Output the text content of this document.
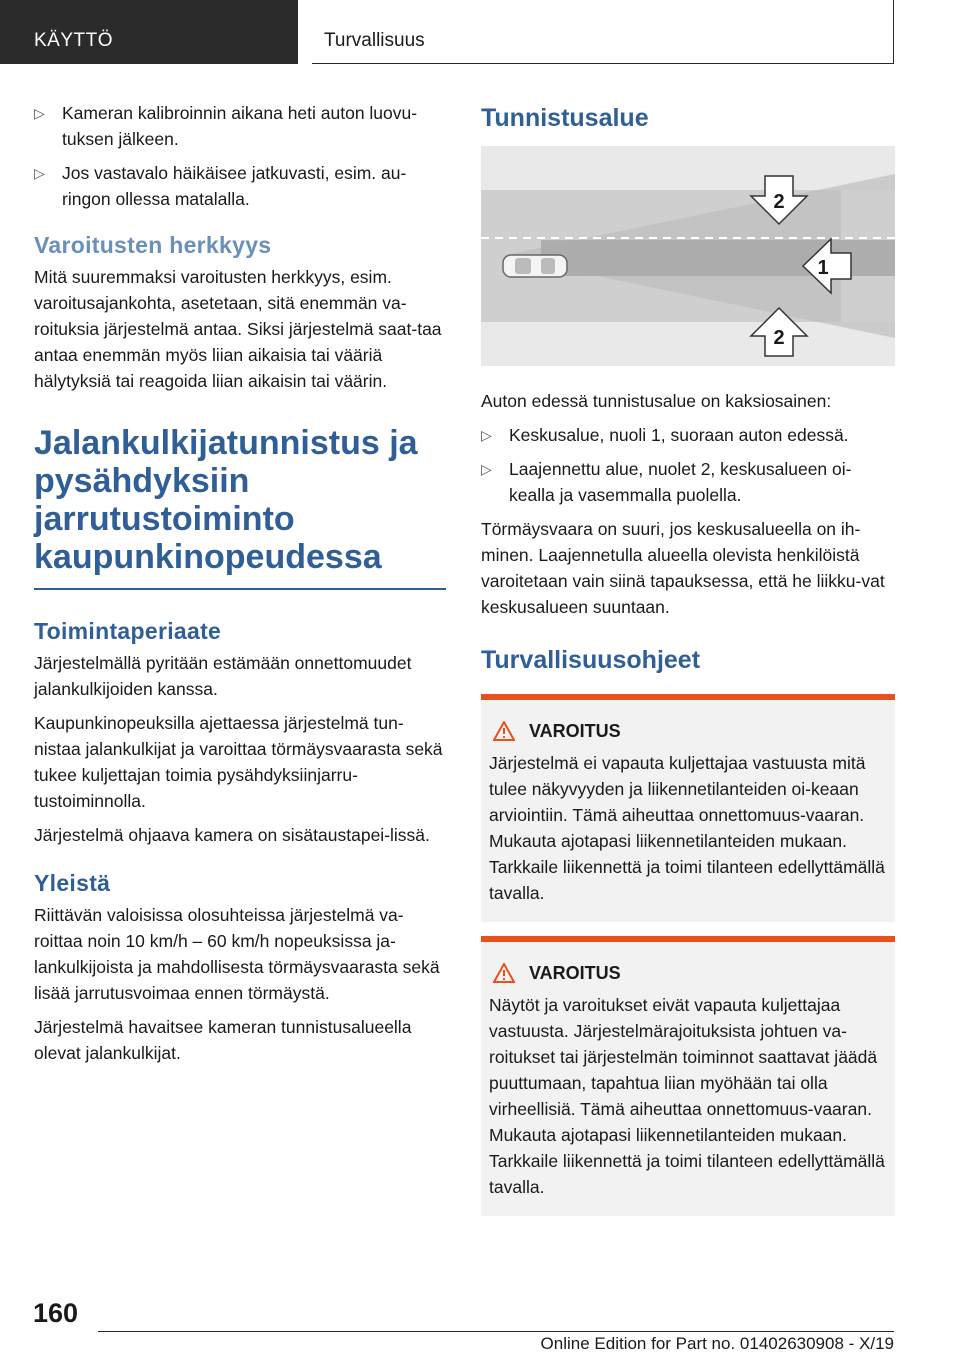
KÄYTTÖ	Turvallisuus
▷ Kameran kalibroinnin aikana heti auton luovu-tuksen jälkeen.
▷ Jos vastavalo häikäisee jatkuvasti, esim. au-ringon ollessa matalalla.
Varoitusten herkkyys

Mitä suuremmaksi varoitusten herkkyys, esim. varoitusajankohta, asetetaan, sitä enemmän va-roituksia järjestelmä antaa. Siksi järjestelmä saat-taa antaa enemmän myös liian aikaisia tai vääriä hälytyksiä tai reagoida liian aikaisin tai väärin.

Jalankulkijatunnistus ja pysähdyksiin jarrutustoiminto kaupunkinopeudessa
Toimintaperiaate

Järjestelmällä pyritään estämään onnettomuudet jalankulkijoiden kanssa.

Kaupunkinopeuksilla ajettaessa järjestelmä tun-nistaa jalankulkijat ja varoittaa törmäysvaarasta sekä tukee kuljettajan toimia pysähdyksiinjarru-tustoiminnolla.

Järjestelmä ohjaava kamera on sisätaustapei-lissä.

Yleistä

Riittävän valoisissa olosuhteissa järjestelmä va-roittaa noin 10 km/h – 60 km/h nopeuksissa ja-lankulkijoista ja mahdollisesta törmäysvaarasta sekä lisää jarrutusvoimaa ennen törmäystä.

Järjestelmä havaitsee kameran tunnistusalueella olevat jalankulkijat.

Tunnistusalue
1
2
2

Auton edessä tunnistusalue on kaksiosainen:

▷ Keskusalue, nuoli 1, suoraan auton edessä.
▷ Laajennettu alue, nuolet 2, keskusalueen oi-kealla ja vasemmalla puolella.

Törmäysvaara on suuri, jos keskusalueella on ih-minen. Laajennetulla alueella olevista henkilöistä varoitetaan vain siinä tapauksessa, että he liikku-vat keskusalueen suuntaan.

Turvallisuusohjeet
VAROITUS
Järjestelmä ei vapauta kuljettajaa vastuusta mitä tulee näkyvyyden ja liikennetilanteiden oi-keaan arviointiin. Tämä aiheuttaa onnettomuus-vaaran. Mukauta ajotapasi liikennetilanteiden mukaan. Tarkkaile liikennettä ja toimi tilanteen edellyttämällä tavalla.
VAROITUS
Näytöt ja varoitukset eivät vapauta kuljettajaa vastuusta. Järjestelmärajoituksista johtuen va-roitukset tai järjestelmän toiminnot saattavat jäädä puuttumaan, tapahtua liian myöhään tai olla virheellisiä. Tämä aiheuttaa onnettomuus-vaaran. Mukauta ajotapasi liikennetilanteiden mukaan. Tarkkaile liikennettä ja toimi tilanteen edellyttämällä tavalla.
160
Online Edition for Part no. 01402630908 - X/19
